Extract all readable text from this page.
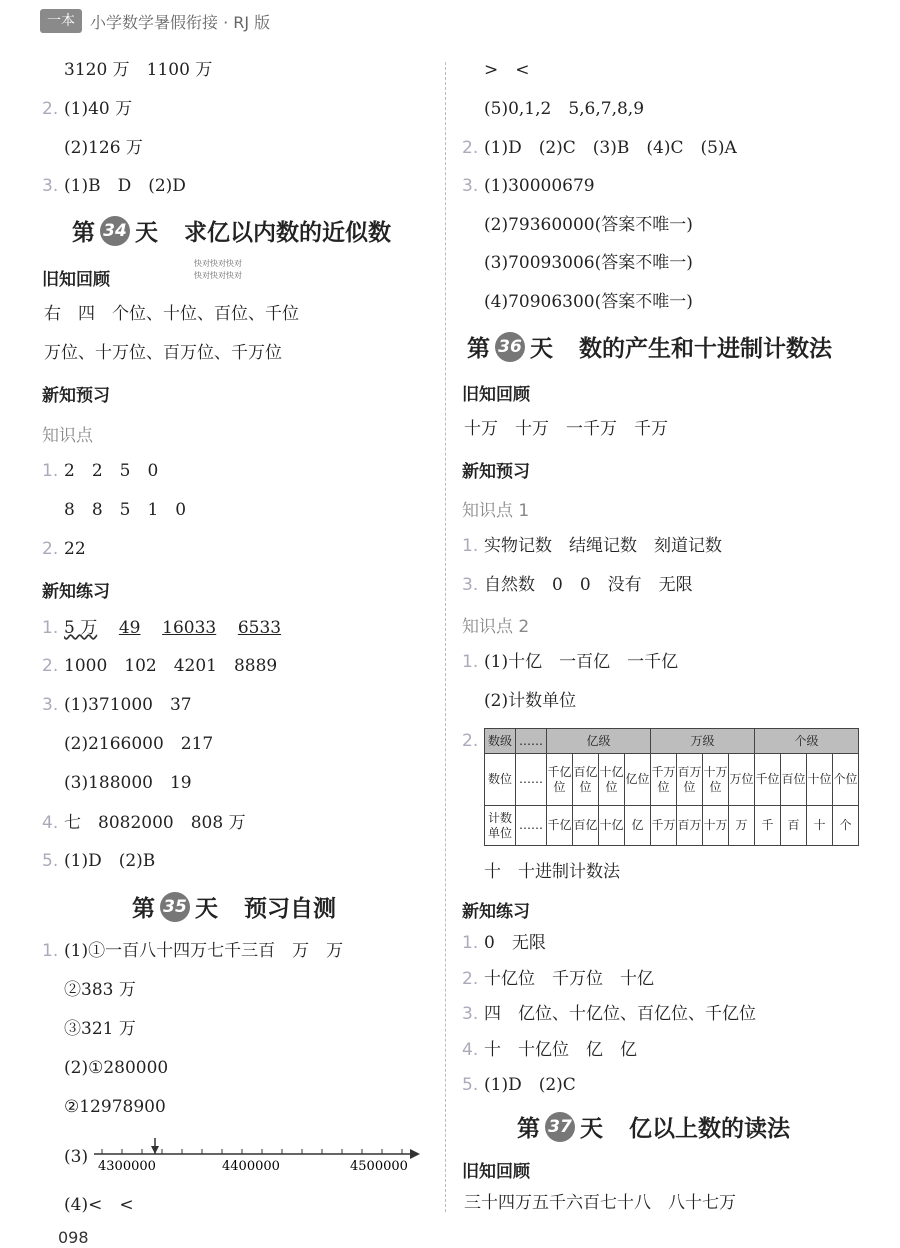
一本 小学数学暑假衔接 · RJ 版
3120 万　1100 万
2. (1)40 万
(2)126 万
3. (1)B　D　(2)D
第 34 天 求亿以内数的近似数
快对快对快对
快对快对快对
旧知回顾
右　四　个位、十位、百位、千位
万位、十万位、百万位、千万位
新知预习
知识点
1. 2　2　5　0
8　8　5　1　0
2. 22
新知练习
1. 5 万 49 16033 6533
2. 1000　102　4201　8889
3. (1)371000　37
(2)2166000　217
(3)188000　19
4. 七　8082000　808 万
5. (1)D　(2)B
第 35 天 预习自测
1. (1)①一百八十四万七千三百　万　万
②383 万
③321 万
(2)①280000
②12978900
(3) 4300000	4400000	4500000
(4)<　<
098
>　<
(5)0,1,2　5,6,7,8,9
2. (1)D　(2)C　(3)B　(4)C　(5)A
3. (1)30000679
(2)79360000(答案不唯一)
(3)70093006(答案不唯一)
(4)70906300(答案不唯一)
第 36 天 数的产生和十进制计数法
旧知回顾
十万　十万　一千万　千万
新知预习
知识点 1
1. 实物记数　结绳记数　刻道记数
3. 自然数　0　0　没有　无限
知识点 2
1. (1)十亿　一百亿　一千亿
(2)计数单位
2. 数级	……	亿级				万级				个级			
数位	……	千亿位	百亿位	十亿位	亿位	千万位	百万位	十万位	万位	千位	百位	十位	个位
计数单位	……	千亿	百亿	十亿	亿	千万	百万	十万	万	千	百	十	个
十　十进制计数法
新知练习
1. 0　无限
2. 十亿位　千万位　十亿
3. 四　亿位、十亿位、百亿位、千亿位
4. 十　十亿位　亿　亿
5. (1)D　(2)C
第 37 天 亿以上数的读法
旧知回顾
三十四万五千六百七十八　八十七万
